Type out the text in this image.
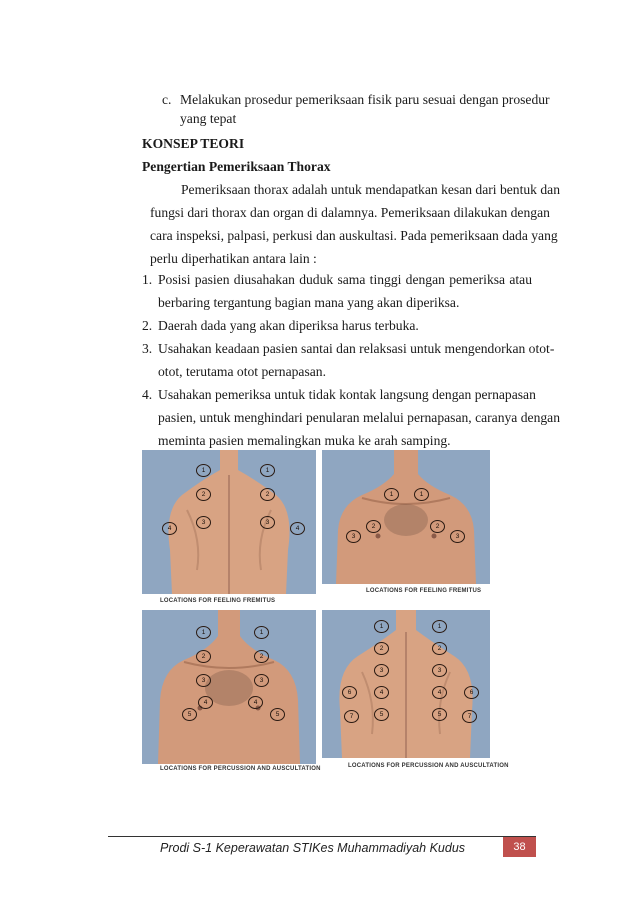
c. Melakukan prosedur pemeriksaan fisik paru sesuai dengan prosedur
yang tepat
KONSEP TEORI
Pengertian Pemeriksaan Thorax
Pemeriksaan thorax adalah untuk mendapatkan kesan dari bentuk dan
fungsi dari thorax dan organ di dalamnya. Pemeriksaan dilakukan dengan
cara inspeksi, palpasi, perkusi dan auskultasi. Pada pemeriksaan dada yang
perlu diperhatikan antara lain :
1. Posisi pasien diusahakan duduk sama tinggi dengan pemeriksa atau
berbaring tergantung bagian mana yang akan diperiksa.
2. Daerah dada yang akan diperiksa harus terbuka.
3. Usahakan keadaan pasien santai dan relaksasi untuk mengendorkan otot-
otot, terutama otot pernapasan.
4. Usahakan pemeriksa untuk tidak kontak langsung dengan pernapasan
pasien, untuk menghindari penularan melalui pernapasan, caranya dengan
meminta pasien memalingkan muka ke arah samping.
1	1
2	2
3	3
4	4
LOCATIONS FOR FEELING FREMITUS
1	1
2	2
3	3
LOCATIONS FOR FEELING FREMITUS
1	1
2	2
3	3
4	4
5	5
LOCATIONS FOR PERCUSSION AND AUSCULTATION
1	1
2	2
3	3
4	4
5	5
6	6
7	7
LOCATIONS FOR PERCUSSION AND AUSCULTATION
Prodi S-1 Keperawatan STIKes Muhammadiyah Kudus	38
